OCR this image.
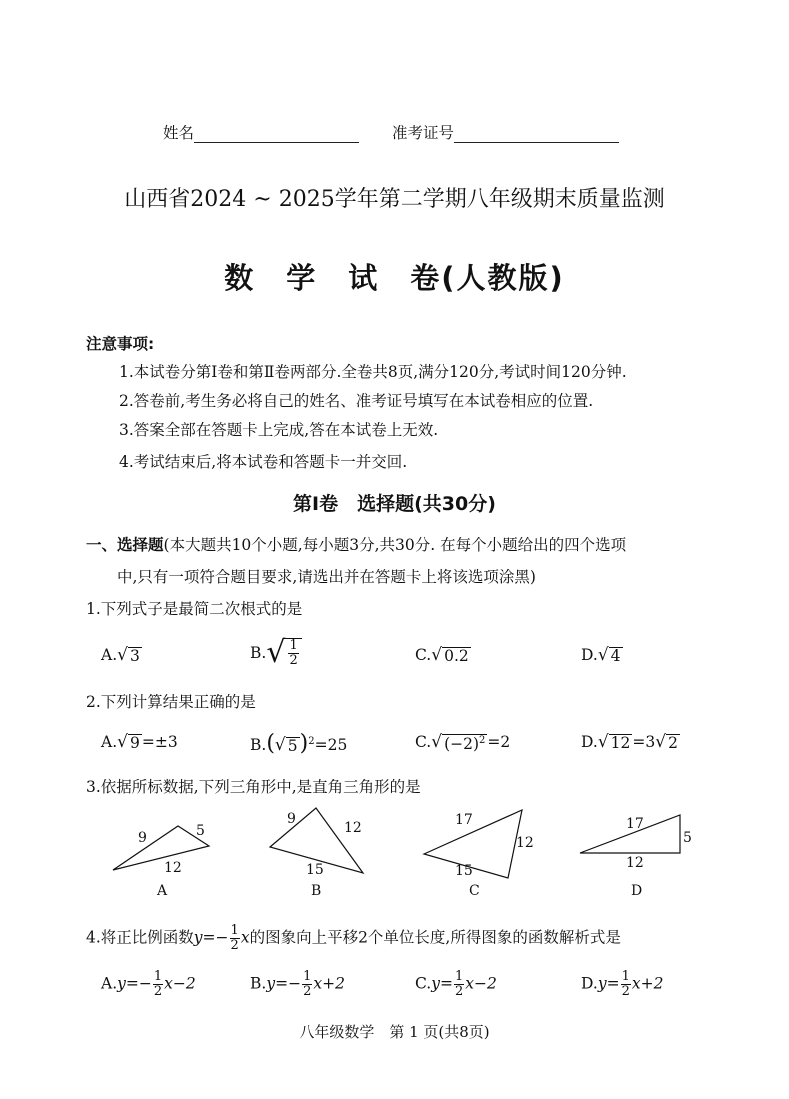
姓名	准考证号
山西省2024 ~ 2025学年第二学期八年级期末质量监测
数　学　试　卷(人教版)
注意事项:
1.本试卷分第Ⅰ卷和第Ⅱ卷两部分.全卷共8页,满分120分,考试时间120分钟.
2.答卷前,考生务必将自己的姓名、准考证号填写在本试卷相应的位置.
3.答案全部在答题卡上完成,答在本试卷上无效.
4.考试结束后,将本试卷和答题卡一并交回.
第Ⅰ卷　选择题(共30分)
一、选择题(本大题共10个小题,每小题3分,共30分. 在每个小题给出的四个选项
中,只有一项符合题目要求,请选出并在答题卡上将该选项涂黑)
1.下列式子是最简二次根式的是
A. √ 3	B. √ $\frac{1}{2}$	C. √ 0.2	D. √ 4
2.下列计算结果正确的是
A. √ 9 =±3	B.( √ 5 )$^2$=25	C. √ $(-2)^2 =2$	D. √ 12 =3 √ 2
3.依据所标数据,下列三角形中,是直角三角形的是
9	5
12
A
9
12
15
B
17
12
15
C
17
5
12
D
4.将正比例函数$y=- \frac{1}{2}$ x的图象向上平移2个单位长度,所得图象的函数解析式是
$A.y=- \frac{1}{2} x-2$	$B.y=- \frac{1}{2} x+2$	$C.y= \frac{1}{2} x-2$	$D.y= \frac{1}{2} x+2$
八年级数学　第 1 页(共8页)
